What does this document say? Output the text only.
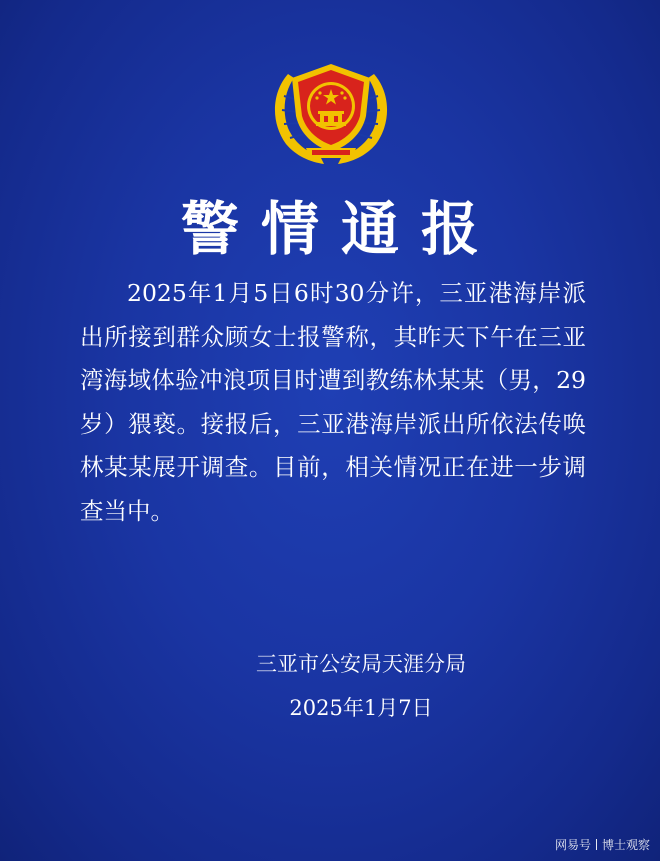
警情通报
2025年1月5日6时30分许，三亚港海岸派出所接到群众顾女士报警称，其昨天下午在三亚湾海域体验冲浪项目时遭到教练林某某（男，29岁）猥亵。接报后，三亚港海岸派出所依法传唤林某某展开调查。目前，相关情况正在进一步调查当中。
三亚市公安局天涯分局
2025年1月7日
网易号 博士观察
